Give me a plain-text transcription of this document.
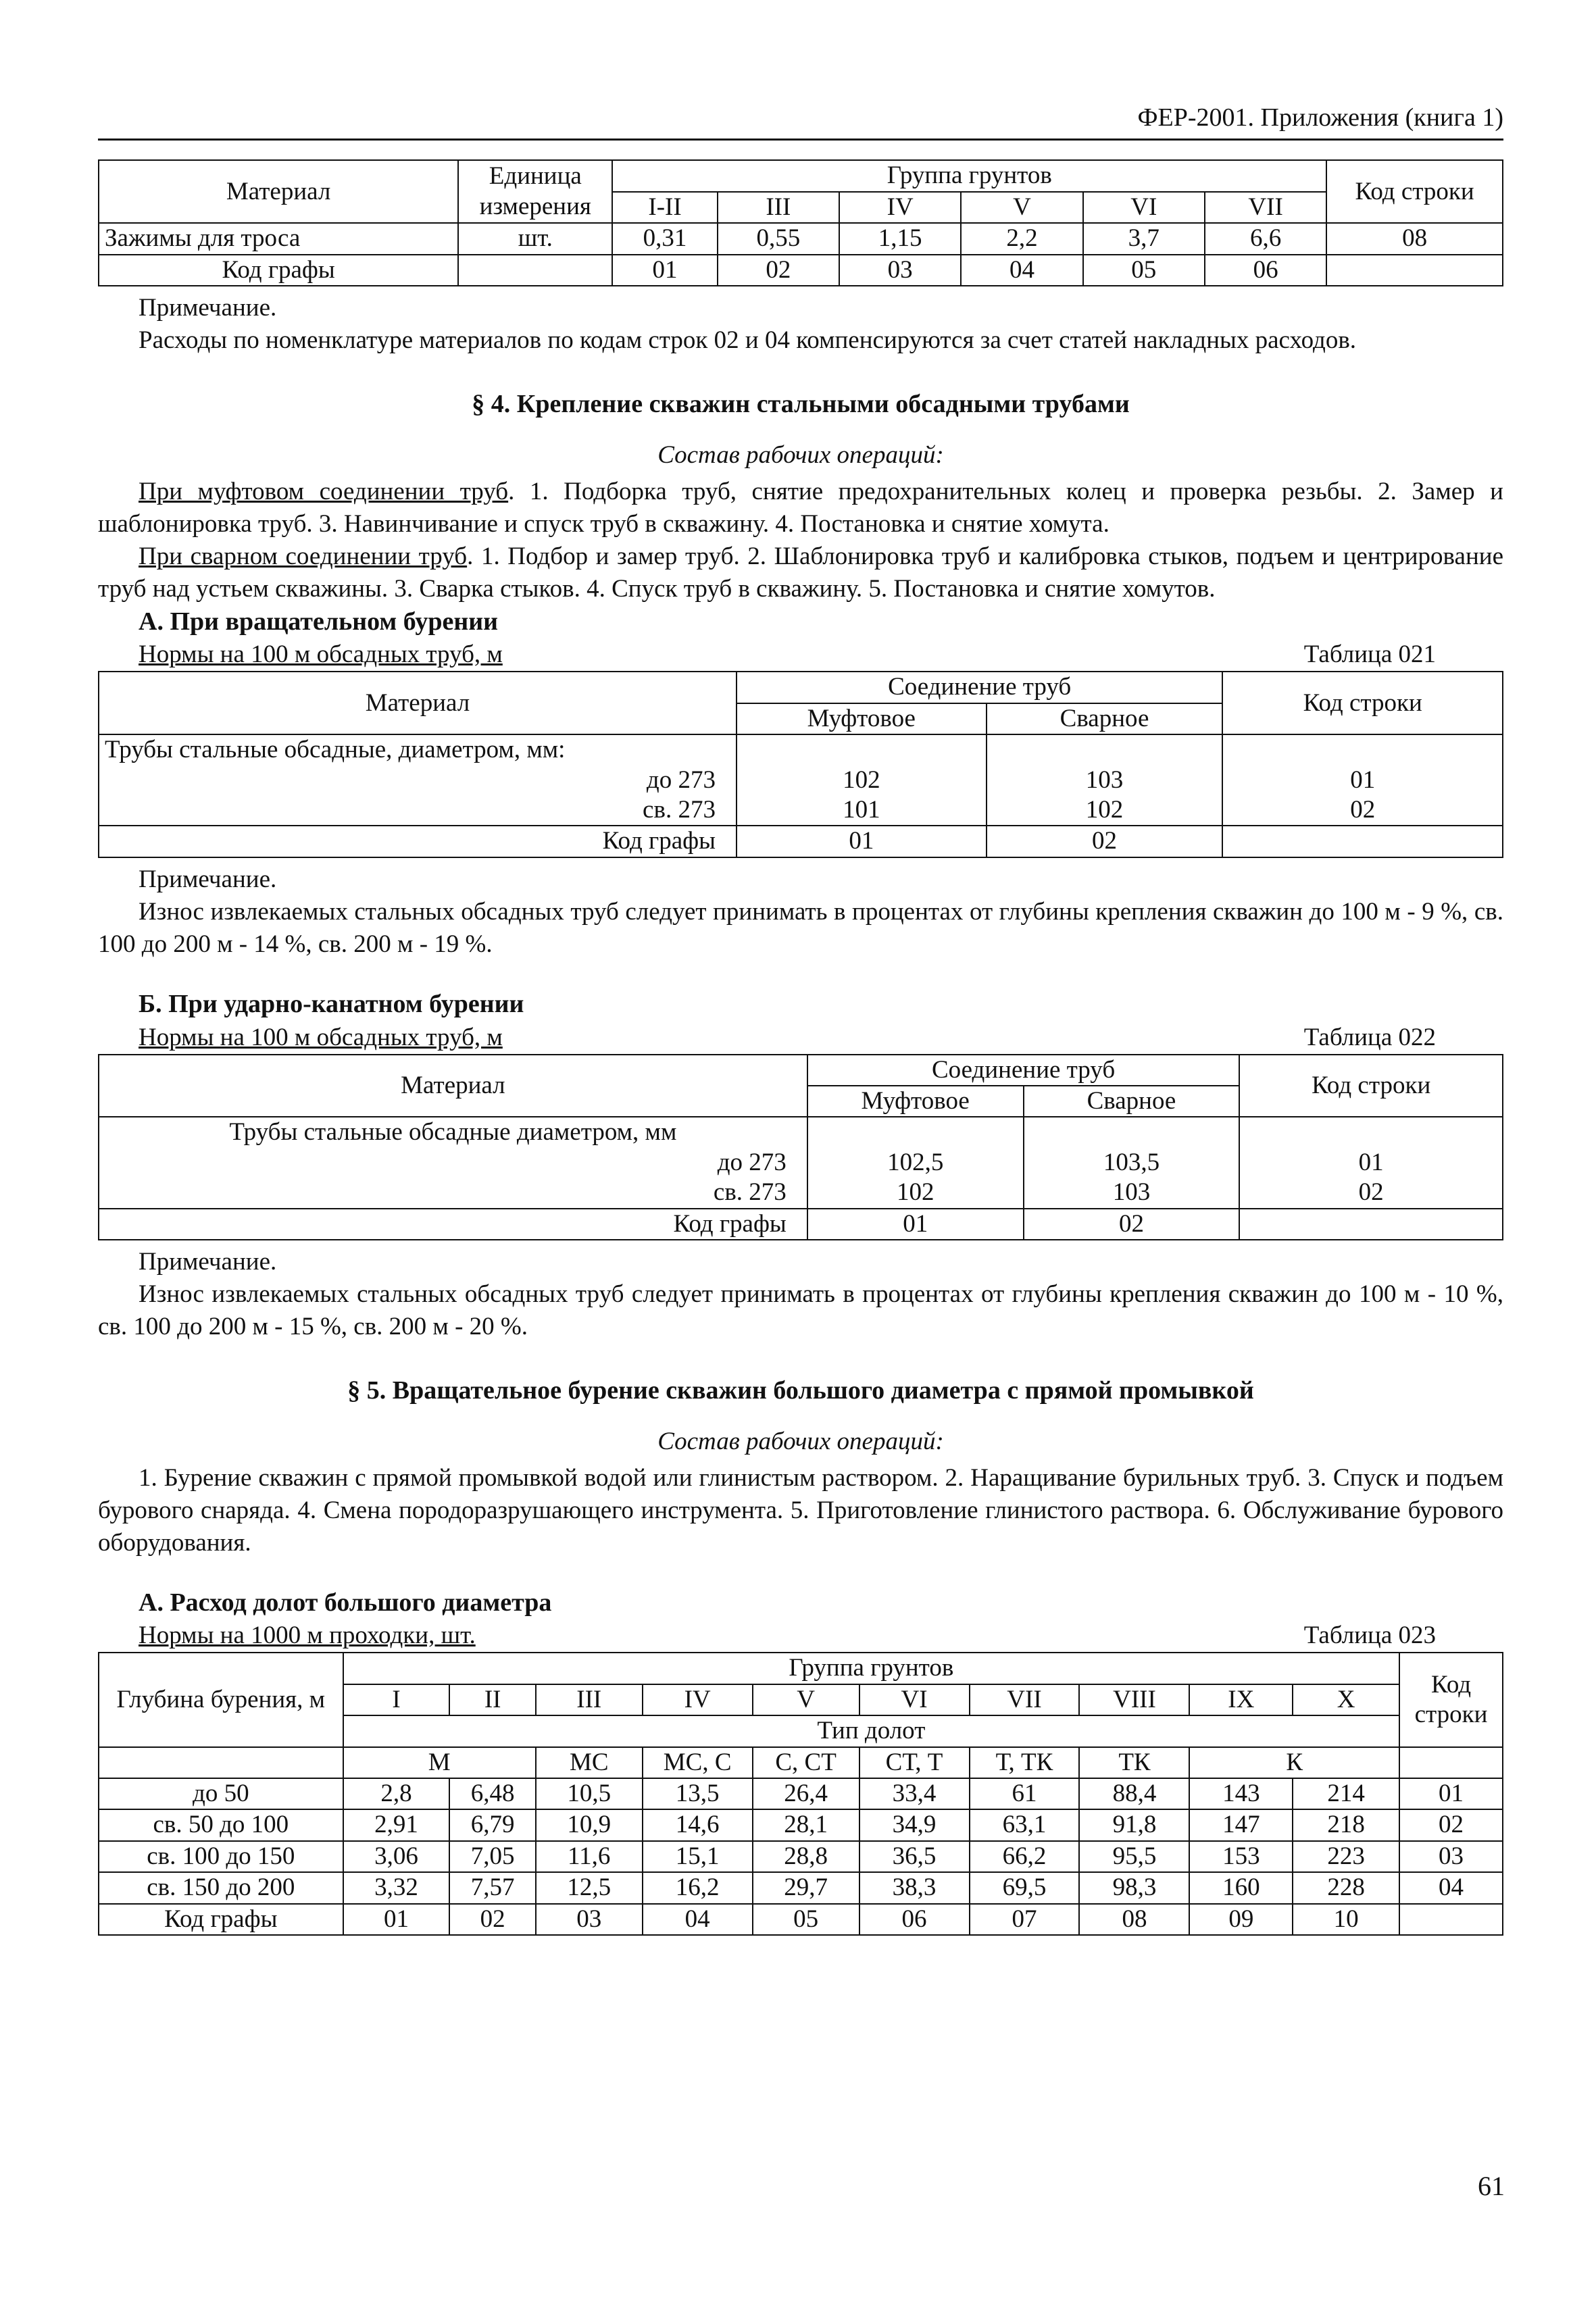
ФЕР-2001. Приложения (книга 1)
Материал	Единица измерения	Группа грунтов						Код строки
		I-II	III	IV	V	VI	VII	
Зажимы для троса	шт.	0,31	0,55	1,15	2,2	3,7	6,6	08
Код графы		01	02	03	04	05	06	
Примечание.

Расходы по номенклатуре материалов по кодам строк 02 и 04 компенсируются за счет статей накладных расходов.

§ 4. Крепление скважин стальными обсадными трубами
Состав рабочих операций:

При муфтовом соединении труб. 1. Подборка труб, снятие предохранительных колец и проверка резьбы. 2. Замер и шаблонировка труб. 3. Навинчивание и спуск труб в скважину. 4. Постановка и снятие хомута.

При сварном соединении труб. 1. Подбор и замер труб. 2. Шаблонировка труб и калибровка стыков, подъем и центрирование труб над устьем скважины. 3. Сварка стыков. 4. Спуск труб в скважину. 5. Постановка и снятие хомутов.

А. При вращательном бурении
Нормы на 100 м обсадных труб, м	Таблица 021
Материал	Соединение труб		Код строки
	Муфтовое	Сварное	
Трубы стальные обсадные, диаметром, мм:			
до 273	102	103	01
св. 273	101	102	02
Код графы	01	02	
Примечание.

Износ извлекаемых стальных обсадных труб следует принимать в процентах от глубины крепления скважин до 100 м - 9 %, св. 100 до 200 м - 14 %, св. 200 м - 19 %.

Б. При ударно-канатном бурении
Нормы на 100 м обсадных труб, м	Таблица 022
Материал	Соединение труб		Код строки
	Муфтовое	Сварное	
Трубы стальные обсадные диаметром, мм			
до 273	102,5	103,5	01
св. 273	102	103	02
Код графы	01	02	
Примечание.

Износ извлекаемых стальных обсадных труб следует принимать в процентах от глубины крепления скважин до 100 м - 10 %, св. 100 до 200 м - 15 %, св. 200 м - 20 %.

§ 5. Вращательное бурение скважин большого диаметра с прямой промывкой
Состав рабочих операций:

1. Бурение скважин с прямой промывкой водой или глинистым раствором. 2. Наращивание бурильных труб. 3. Спуск и подъем бурового снаряда. 4. Смена породоразрушающего инструмента. 5. Приготовление глинистого раствора. 6. Обслуживание бурового оборудования.

А. Расход долот большого диаметра
Нормы на 1000 м проходки, шт.	Таблица 023
Глубина бурения, м	Группа грунтов										Код строки
	I	II	III	IV	V	VI	VII	VIII	IX	X	
	Тип долот										
	М		МС	МС, С	С, СТ	СТ, Т	Т, ТК	ТК	К		
до 50	2,8	6,48	10,5	13,5	26,4	33,4	61	88,4	143	214	01
св. 50 до 100	2,91	6,79	10,9	14,6	28,1	34,9	63,1	91,8	147	218	02
св. 100 до 150	3,06	7,05	11,6	15,1	28,8	36,5	66,2	95,5	153	223	03
св. 150 до 200	3,32	7,57	12,5	16,2	29,7	38,3	69,5	98,3	160	228	04
Код графы	01	02	03	04	05	06	07	08	09	10	
61
